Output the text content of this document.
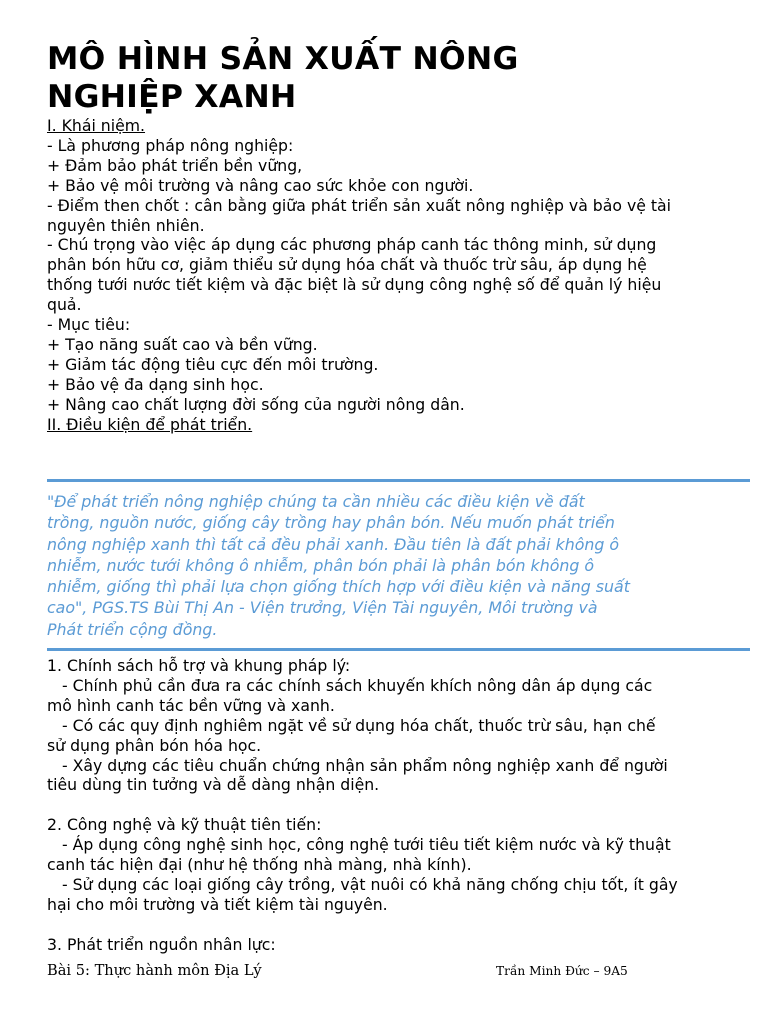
MÔ HÌNH SẢN XUẤT NÔNG
NGHIỆP XANH
I. Khái niệm.
- Là phương pháp nông nghiệp:
+ Đảm bảo phát triển bền vững,
+ Bảo vệ môi trường và nâng cao sức khỏe con người.
- Điểm then chốt : cân bằng giữa phát triển sản xuất nông nghiệp và bảo vệ tài
nguyên thiên nhiên.
- Chú trọng vào việc áp dụng các phương pháp canh tác thông minh, sử dụng
phân bón hữu cơ, giảm thiểu sử dụng hóa chất và thuốc trừ sâu, áp dụng hệ
thống tưới nước tiết kiệm và đặc biệt là sử dụng công nghệ số để quản lý hiệu
quả.
- Mục tiêu:
+ Tạo năng suất cao và bền vững.
+ Giảm tác động tiêu cực đến môi trường.
+ Bảo vệ đa dạng sinh học.
+ Nâng cao chất lượng đời sống của người nông dân.
II. Điều kiện để phát triển.
"Để phát triển nông nghiệp chúng ta cần nhiều các điều kiện về đất
trồng, nguồn nước, giống cây trồng hay phân bón. Nếu muốn phát triển
nông nghiệp xanh thì tất cả đều phải xanh. Đầu tiên là đất phải không ô
nhiễm, nước tưới không ô nhiễm, phân bón phải là phân bón không ô
nhiễm, giống thì phải lựa chọn giống thích hợp với điều kiện và năng suất
cao", PGS.TS Bùi Thị An - Viện trưởng, Viện Tài nguyên, Môi trường và
Phát triển cộng đồng.
1. Chính sách hỗ trợ và khung pháp lý:
- Chính phủ cần đưa ra các chính sách khuyến khích nông dân áp dụng các
mô hình canh tác bền vững và xanh.
- Có các quy định nghiêm ngặt về sử dụng hóa chất, thuốc trừ sâu, hạn chế
sử dụng phân bón hóa học.
- Xây dựng các tiêu chuẩn chứng nhận sản phẩm nông nghiệp xanh để người
tiêu dùng tin tưởng và dễ dàng nhận diện.

2. Công nghệ và kỹ thuật tiên tiến:
- Áp dụng công nghệ sinh học, công nghệ tưới tiêu tiết kiệm nước và kỹ thuật
canh tác hiện đại (như hệ thống nhà màng, nhà kính).
- Sử dụng các loại giống cây trồng, vật nuôi có khả năng chống chịu tốt, ít gây
hại cho môi trường và tiết kiệm tài nguyên.

3. Phát triển nguồn nhân lực:
Bài 5: Thực hành môn Địa Lý	Trần Minh Đức – 9A5
